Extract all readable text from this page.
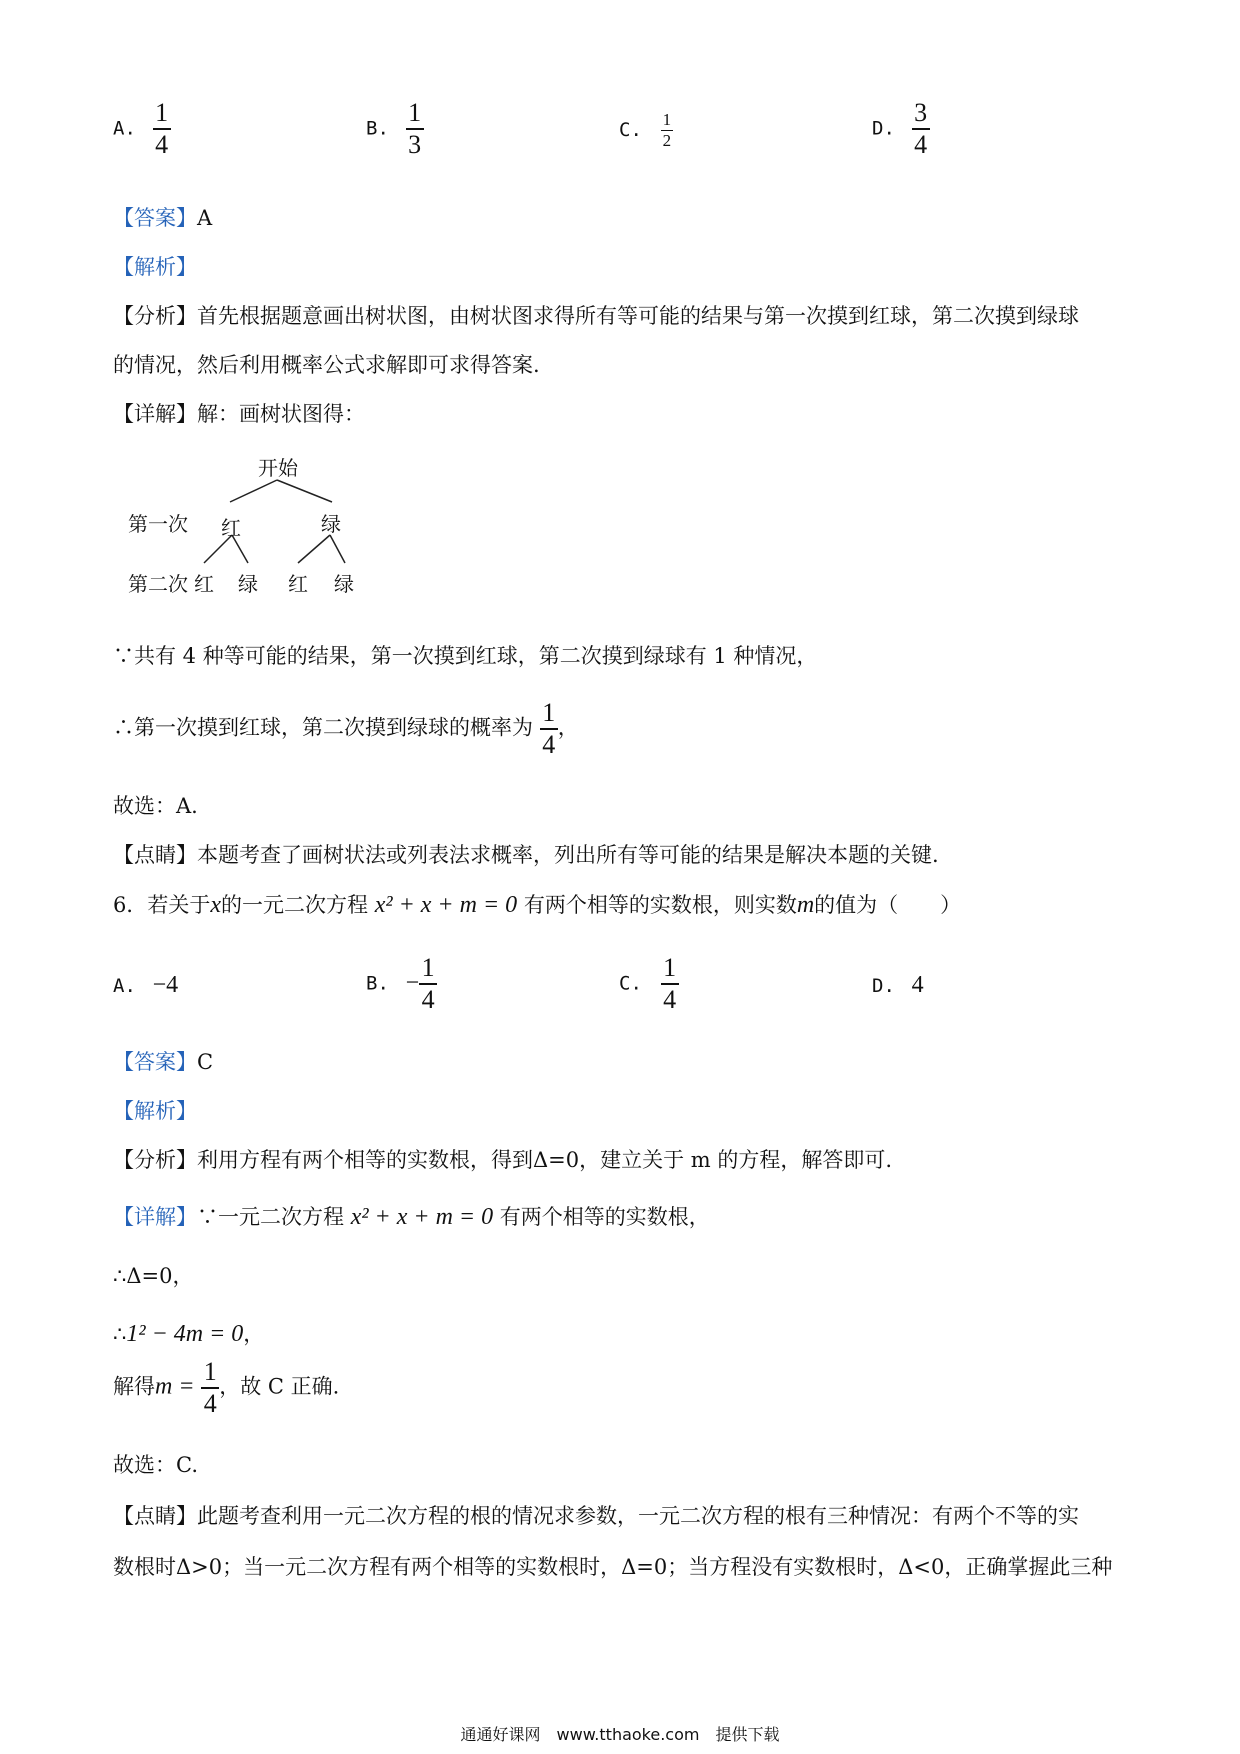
A. $\frac{1}{4}$	B. $\frac{1}{3}$	C. $\frac{1}{2}$	D. $\frac{3}{4}$
【答案】A
【解析】
【分析】首先根据题意画出树状图，由树状图求得所有等可能的结果与第一次摸到红球，第二次摸到绿球
的情况，然后利用概率公式求解即可求得答案.
【详解】解：画树状图得：
开始
第一次 红	绿
第二次 红 绿 红 绿
∵共有 4 种等可能的结果，第一次摸到红球，第二次摸到绿球有 1 种情况，
∴第一次摸到红球，第二次摸到绿球的概率为 $\frac{1}{4}$ ，
故选：A.
【点睛】本题考查了画树状法或列表法求概率，列出所有等可能的结果是解决本题的关键.
6．若关于x的一元二次方程 x² + x + m = 0 有两个相等的实数根，则实数m的值为（　　）
A. −4	B. − $\frac{1}{4}$	C. $\frac{1}{4}$	D. 4
【答案】C
【解析】
【分析】利用方程有两个相等的实数根，得到Δ=0，建立关于 m 的方程，解答即可.
【详解】∵一元二次方程 x² + x + m = 0 有两个相等的实数根，
∴Δ=0，
∴1² − 4m = 0，
解得$m = \frac{1}{4}$ ，故 C 正确.
故选：C.
【点睛】此题考查利用一元二次方程的根的情况求参数，一元二次方程的根有三种情况：有两个不等的实
数根时Δ>0；当一元二次方程有两个相等的实数根时，Δ=0；当方程没有实数根时，Δ<0，正确掌握此三种
通通好课网　www.tthaoke.com　提供下载
